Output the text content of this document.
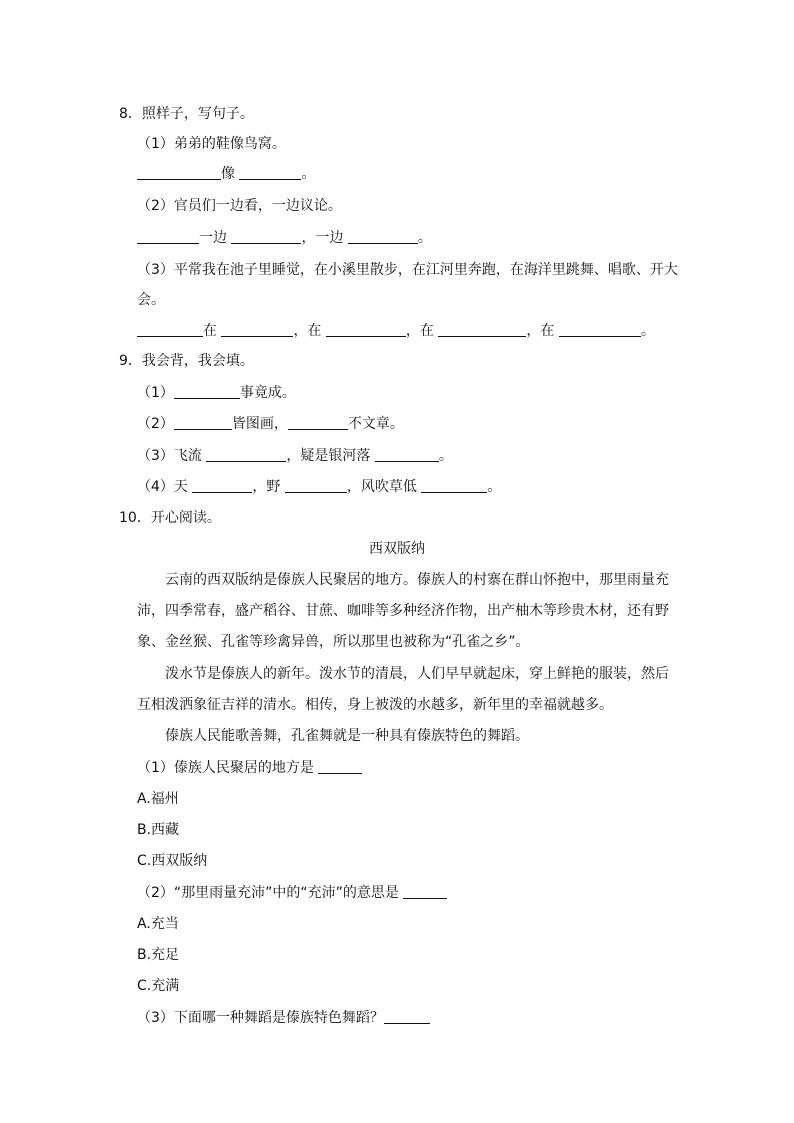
8．照样子，写句子。
（1）弟弟的鞋像鸟窝。
像	。
（2）官员们一边看，一边议论。
一边	，一边	。
（3）平常我在池子里睡觉，在小溪里散步，在江河里奔跑，在海洋里跳舞、唱歌、开大
会。
在	，在	，在	，在	。
9．我会背，我会填。
（1）	事竟成。
（2）	皆图画，	不文章。
（3）飞流	，疑是银河落	。
（4）天	，野	，风吹草低	。
10．开心阅读。
西双版纳
云南的西双版纳是傣族人民聚居的地方。傣族人的村寨在群山怀抱中，那里雨量充
沛，四季常春，盛产稻谷、甘蔗、咖啡等多种经济作物，出产柚木等珍贵木材，还有野
象、金丝猴、孔雀等珍禽异兽，所以那里也被称为“孔雀之乡”。
泼水节是傣族人的新年。泼水节的清晨，人们早早就起床，穿上鲜艳的服装，然后
互相泼洒象征吉祥的清水。相传，身上被泼的水越多，新年里的幸福就越多。
傣族人民能歌善舞，孔雀舞就是一种具有傣族特色的舞蹈。
（1）傣族人民聚居的地方是
A.福州
B.西藏
C.西双版纳
（2）“那里雨量充沛”中的“充沛”的意思是
A.充当
B.充足
C.充满
（3）下面哪一种舞蹈是傣族特色舞蹈？
